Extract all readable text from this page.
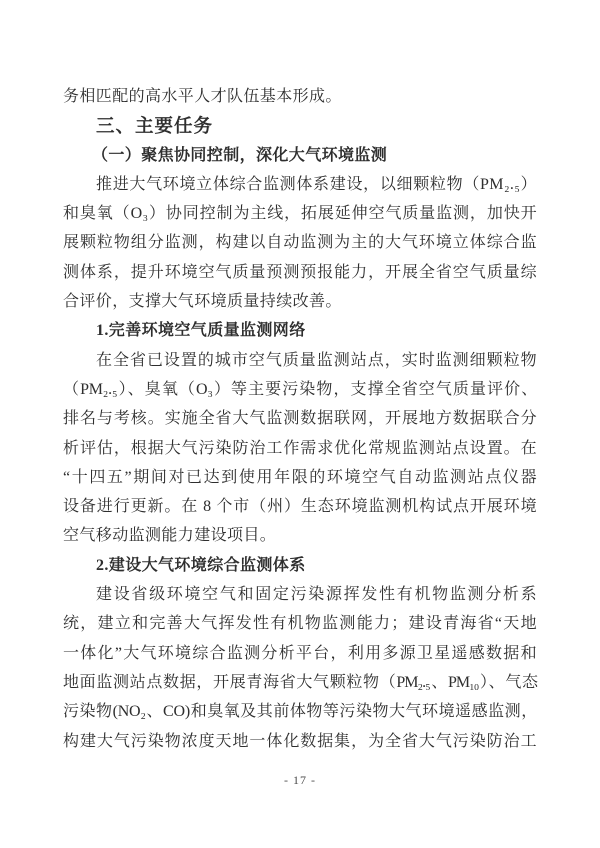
务相匹配的高水平人才队伍基本形成。
三、主要任务
（一）聚焦协同控制，深化大气环境监测
推进大气环境立体综合监测体系建设，以细颗粒物（PM₂.₅）
和臭氧（O₃）协同控制为主线，拓展延伸空气质量监测，加快开
展颗粒物组分监测，构建以自动监测为主的大气环境立体综合监
测体系，提升环境空气质量预测预报能力，开展全省空气质量综
合评价，支撑大气环境质量持续改善。
1.完善环境空气质量监测网络
在全省已设置的城市空气质量监测站点，实时监测细颗粒物
（PM₂.₅）、臭氧（O₃）等主要污染物，支撑全省空气质量评价、
排名与考核。实施全省大气监测数据联网，开展地方数据联合分
析评估，根据大气污染防治工作需求优化常规监测站点设置。在
“十四五”期间对已达到使用年限的环境空气自动监测站点仪器
设备进行更新。在 8 个市（州）生态环境监测机构试点开展环境
空气移动监测能力建设项目。
2.建设大气环境综合监测体系
建设省级环境空气和固定污染源挥发性有机物监测分析系
统，建立和完善大气挥发性有机物监测能力；建设青海省“天地
一体化”大气环境综合监测分析平台，利用多源卫星遥感数据和
地面监测站点数据，开展青海省大气颗粒物（PM₂.₅、PM₁₀）、气态
污染物(NO₂、CO)和臭氧及其前体物等污染物大气环境遥感监测，
构建大气污染物浓度天地一体化数据集，为全省大气污染防治工
- 17 -
